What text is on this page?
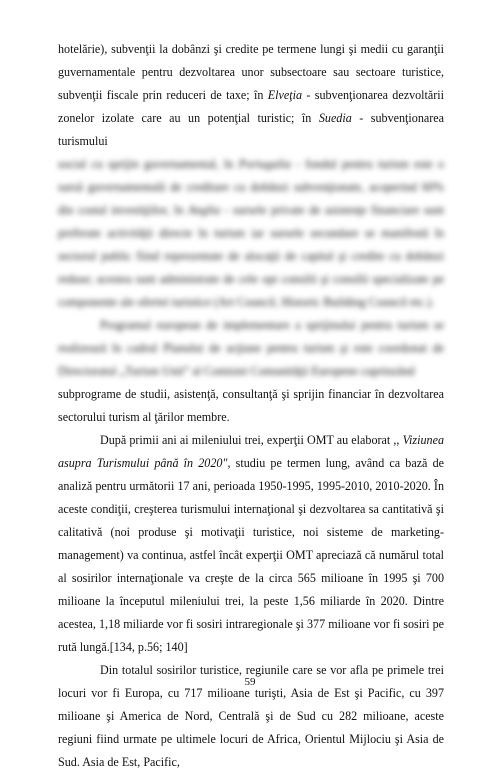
hotelărie), subvenţii la dobânzi şi credite pe termene lungi şi medii cu garanţii guvernamentale pentru dezvoltarea unor subsectoare sau sectoare turistice, subvenţii fiscale prin reduceri de taxe; în Elveţia - subvenţionarea dezvoltării zonelor izolate care au un potenţial turistic; în Suedia - subvenţionarea turismului

social cu sprijin guvernamental, în Portugalia - fondul pentru turism este o sursă guvernamentală de creditare cu dobânzi subvenţionate, acoperind 60% din costul investiţiilor, în Anglia - sursele private de asistenţe financiare sunt preferate activităţii directe în turism iar sursele secundare se manifestă în sectorul public fiind reprezentate de alocaţii de capital şi credite cu dobânzi reduse; acestea sunt administrate de cele opt consilii şi consilii specializate pe componente ale ofertei turistice (Art Council, Historic Building Council etc.).

Programul european de implementare a sprijinului pentru turism se realizează în cadrul Planului de acţiune pentru turism şi este coordonat de Directoratul „Turism Unit” al Comisiei Comunităţii Europene cuprinzând

subprograme de studii, asistenţă, consultanţă şi sprijin financiar în dezvoltarea sectorului turism al ţărilor membre.

După primii ani ai mileniului trei, experţii OMT au elaborat ,, Viziunea asupra Turismului până în 2020", studiu pe termen lung, având ca bază de analiză pentru următorii 17 ani, perioada 1950-1995, 1995-2010, 2010-2020. În aceste condiţii, creşterea turismului internaţional şi dezvoltarea sa cantitativă şi calitativă (noi produse şi motivaţii turistice, noi sisteme de marketing-management) va continua, astfel încât experţii OMT apreciază că numărul total al sosirilor internaţionale va creşte de la circa 565 milioane în 1995 şi 700 milioane la începutul mileniului trei, la peste 1,56 miliarde în 2020. Dintre acestea, 1,18 miliarde vor fi sosiri intraregionale şi 377 milioane vor fi sosiri pe rută lungă.[134, p.56; 140]

Din totalul sosirilor turistice, regiunile care se vor afla pe primele trei locuri vor fi Europa, cu 717 milioane turişti, Asia de Est şi Pacific, cu 397 milioane şi America de Nord, Centrală şi de Sud cu 282 milioane, aceste regiuni fiind urmate pe ultimele locuri de Africa, Orientul Mijlociu şi Asia de Sud. Asia de Est, Pacific,

59
